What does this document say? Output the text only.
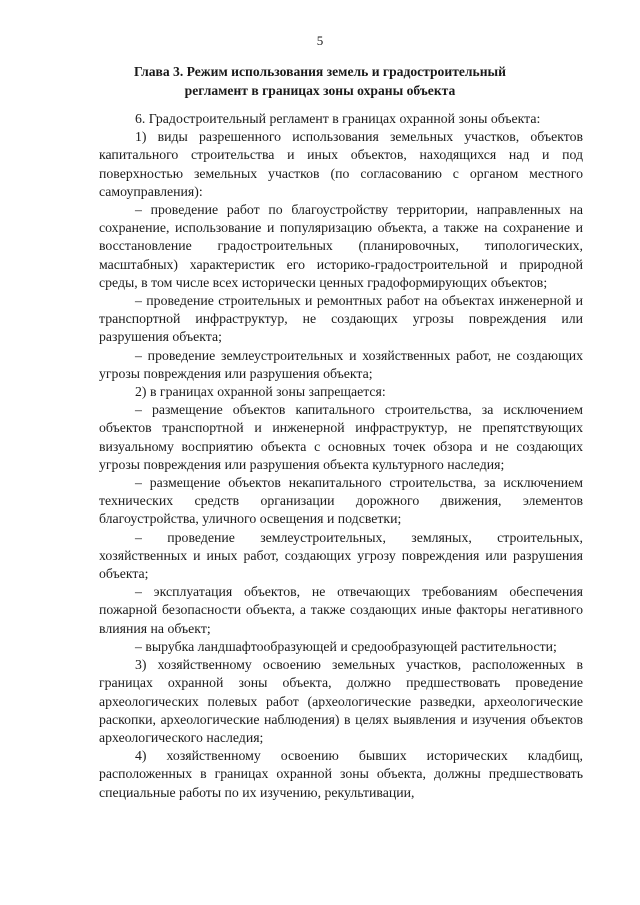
5
Глава 3. Режим использования земель и градостроительный регламент в границах зоны охраны объекта

6. Градостроительный регламент в границах охранной зоны объекта:

1) виды разрешенного использования земельных участков, объектов капитального строительства и иных объектов, находящихся над и под поверхностью земельных участков (по согласованию с органом местного самоуправления):

– проведение работ по благоустройству территории, направленных на сохранение, использование и популяризацию объекта, а также на сохранение и восстановление градостроительных (планировочных, типологических, масштабных) характеристик его историко-градостроительной и природной среды, в том числе всех исторически ценных градоформирующих объектов;

– проведение строительных и ремонтных работ на объектах инженерной и транспортной инфраструктур, не создающих угрозы повреждения или разрушения объекта;

– проведение землеустроительных и хозяйственных работ, не создающих угрозы повреждения или разрушения объекта;

2) в границах охранной зоны запрещается:

– размещение объектов капитального строительства, за исключением объектов транспортной и инженерной инфраструктур, не препятствующих визуальному восприятию объекта с основных точек обзора и не создающих угрозы повреждения или разрушения объекта культурного наследия;

– размещение объектов некапитального строительства, за исключением технических средств организации дорожного движения, элементов благоустройства, уличного освещения и подсветки;

– проведение землеустроительных, земляных, строительных, хозяйственных и иных работ, создающих угрозу повреждения или разрушения объекта;

– эксплуатация объектов, не отвечающих требованиям обеспечения пожарной безопасности объекта, а также создающих иные факторы негативного влияния на объект;

– вырубка ландшафтообразующей и средообразующей растительности;

3) хозяйственному освоению земельных участков, расположенных в границах охранной зоны объекта, должно предшествовать проведение археологических полевых работ (археологические разведки, археологические раскопки, археологические наблюдения) в целях выявления и изучения объектов археологического наследия;

4) хозяйственному освоению бывших исторических кладбищ, расположенных в границах охранной зоны объекта, должны предшествовать специальные работы по их изучению, рекультивации,
